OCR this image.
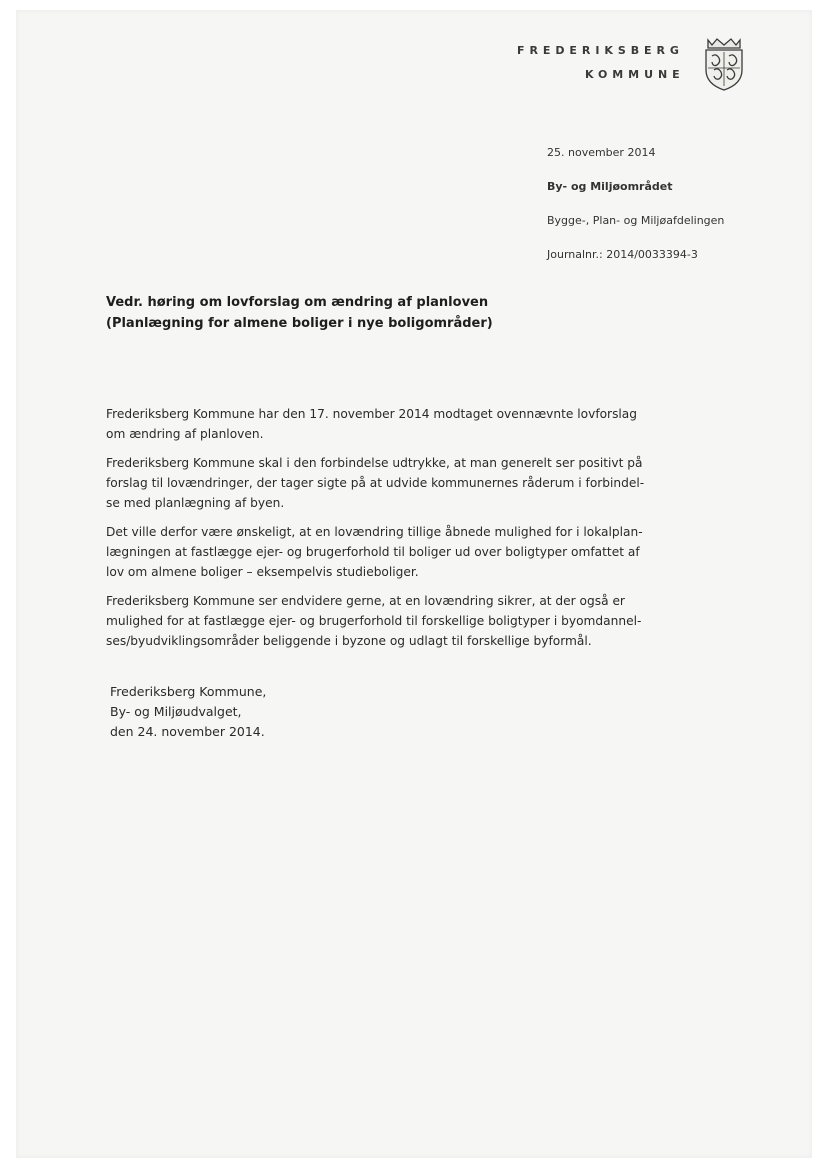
FREDERIKSBERG
KOMMUNE
25. november 2014
By- og Miljøområdet
Bygge-, Plan- og Miljøafdelingen
Journalnr.: 2014/0033394-3
Vedr. høring om lovforslag om ændring af planloven
(Planlægning for almene boliger i nye boligområder)
Frederiksberg Kommune har den 17. november 2014 modtaget ovennævnte lovforslag
om ændring af planloven.
Frederiksberg Kommune skal i den forbindelse udtrykke, at man generelt ser positivt på
forslag til lovændringer, der tager sigte på at udvide kommunernes råderum i forbindel-
se med planlægning af byen.
Det ville derfor være ønskeligt, at en lovændring tillige åbnede mulighed for i lokalplan-
lægningen at fastlægge ejer- og brugerforhold til boliger ud over boligtyper omfattet af
lov om almene boliger – eksempelvis studieboliger.
Frederiksberg Kommune ser endvidere gerne, at en lovændring sikrer, at der også er
mulighed for at fastlægge ejer- og brugerforhold til forskellige boligtyper i byomdannel-
ses/byudviklingsområder beliggende i byzone og udlagt til forskellige byformål.
Frederiksberg Kommune,
By- og Miljøudvalget,
den 24. november 2014.
